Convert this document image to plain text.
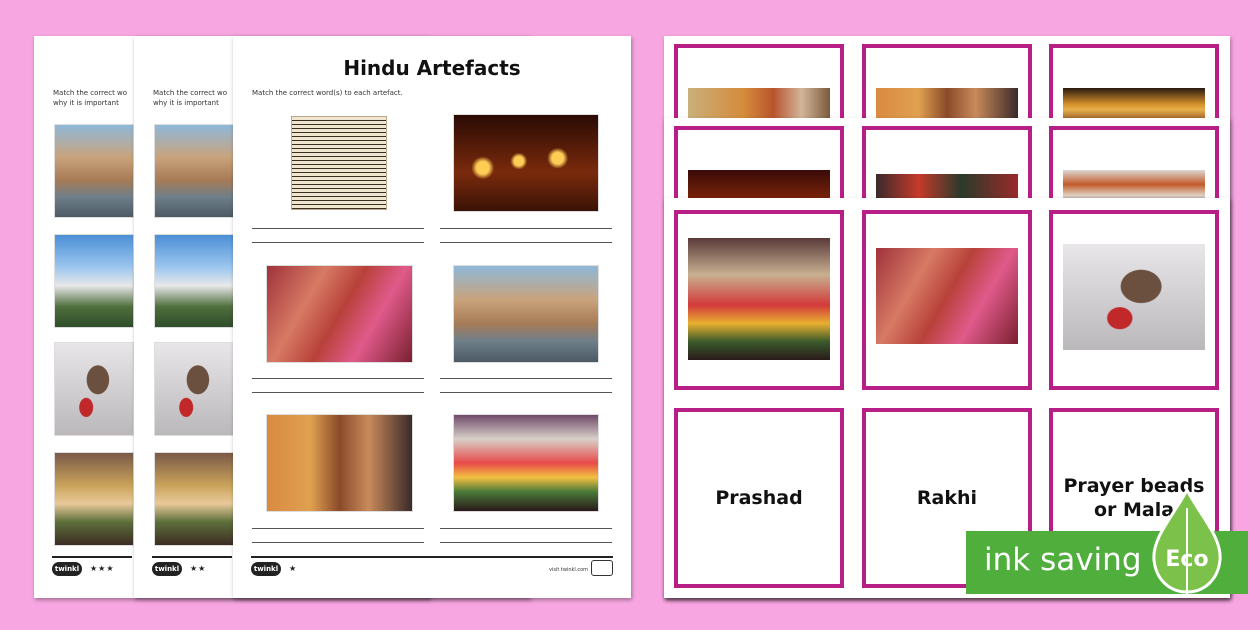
Match the correct wo
why it is important
twinkl	★★★
Match the correct wo
why it is important
twinkl	★★
Hindu Artefacts
Match the correct word(s) to each artefact.
twinkl	★	visit twinkl.com
Prashad	Rakhi
Prayer beads or Mala
ink saving Eco
